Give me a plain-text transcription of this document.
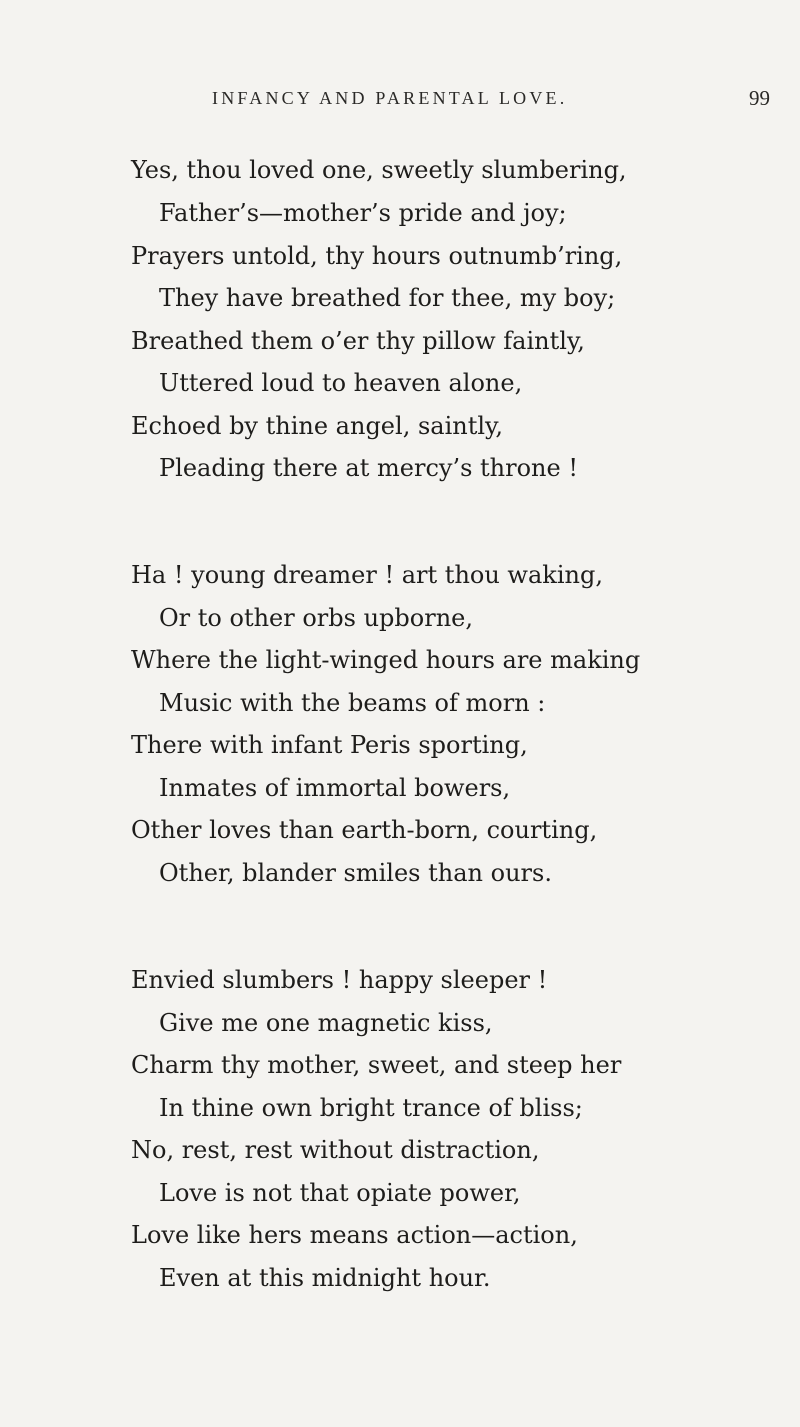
INFANCY AND PARENTAL LOVE.	99
Yes, thou loved one, sweetly slumbering,
Father’s—mother’s pride and joy;
Prayers untold, thy hours outnumb’ring,
They have breathed for thee, my boy;
Breathed them o’er thy pillow faintly,
Uttered loud to heaven alone,
Echoed by thine angel, saintly,
Pleading there at mercy’s throne !
Ha ! young dreamer ! art thou waking,
Or to other orbs upborne,
Where the light-winged hours are making
Music with the beams of morn :
There with infant Peris sporting,
Inmates of immortal bowers,
Other loves than earth-born, courting,
Other, blander smiles than ours.
Envied slumbers ! happy sleeper !
Give me one magnetic kiss,
Charm thy mother, sweet, and steep her
In thine own bright trance of bliss;
No, rest, rest without distraction,
Love is not that opiate power,
Love like hers means action—action,
Even at this midnight hour.
